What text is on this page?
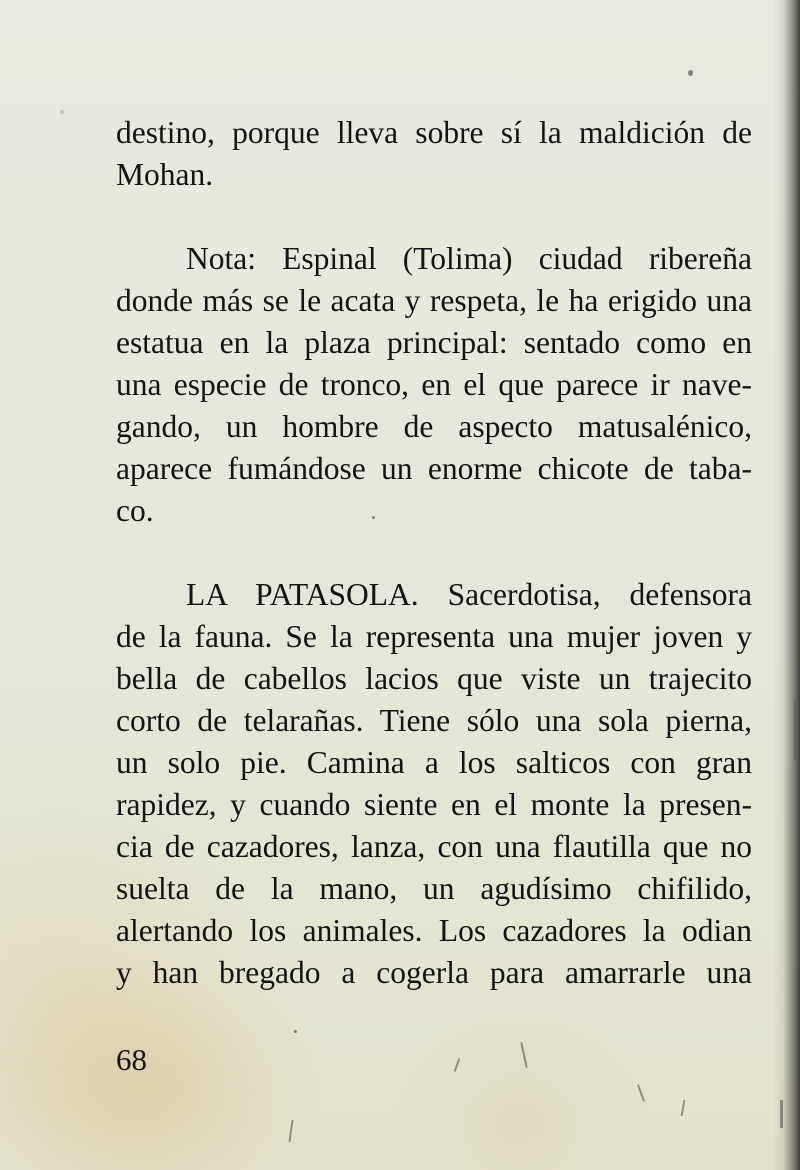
destino, porque lleva sobre sí la maldición de
Mohan.
Nota: Espinal (Tolima) ciudad ribereña
donde más se le acata y respeta, le ha erigido una
estatua en la plaza principal: sentado como en
una especie de tronco, en el que parece ir nave-
gando, un hombre de aspecto matusalénico,
aparece fumándose un enorme chicote de taba-
co.
LA PATASOLA. Sacerdotisa, defensora
de la fauna. Se la representa una mujer joven y
bella de cabellos lacios que viste un trajecito
corto de telarañas. Tiene sólo una sola pierna,
un solo pie. Camina a los salticos con gran
rapidez, y cuando siente en el monte la presen-
cia de cazadores, lanza, con una flautilla que no
suelta de la mano, un agudísimo chifilido,
alertando los animales. Los cazadores la odian
y han bregado a cogerla para amarrarle una
68
